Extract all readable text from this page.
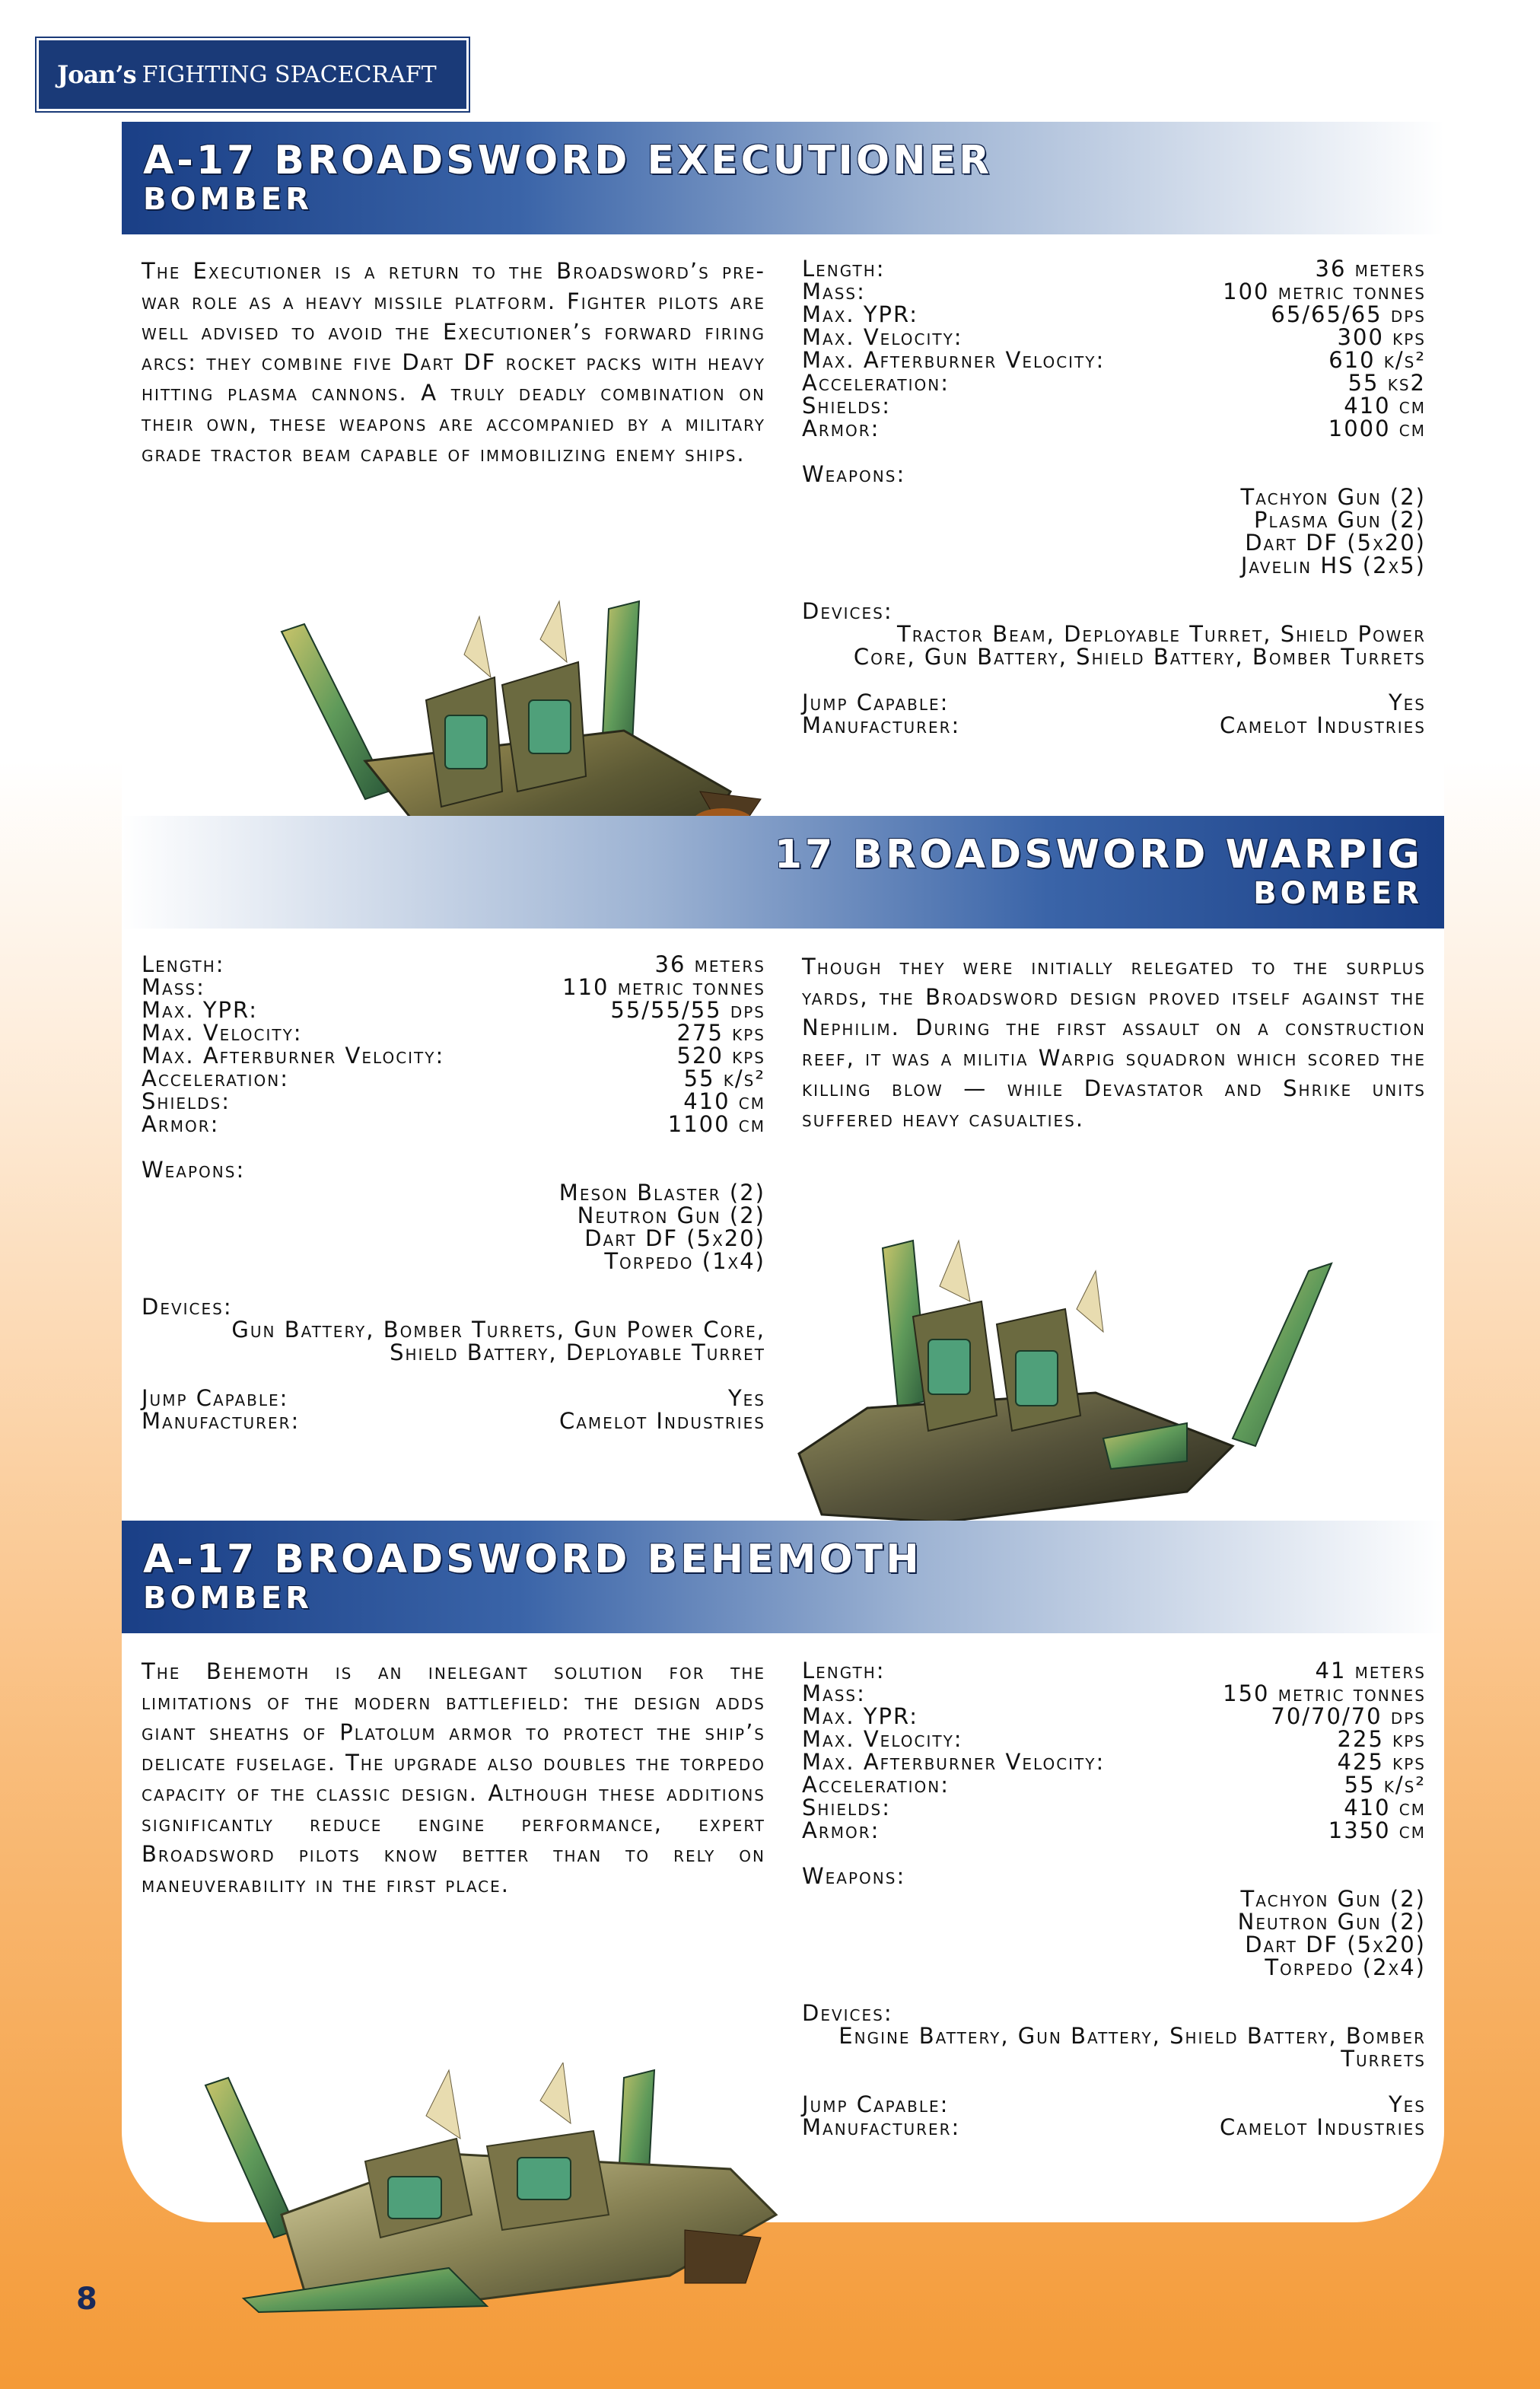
Joan’s FIGHTING SPACECRAFT
A-17 BROADSWORD EXECUTIONER
BOMBER
The Executioner is a return to the Broadsword’s pre-war role as a heavy missile platform. Fighter pilots are well advised to avoid the Executioner’s forward firing arcs: they combine five Dart DF rocket packs with heavy hitting plasma cannons. A truly deadly combination on their own, these weapons are accompanied by a military grade tractor beam capable of immobilizing enemy ships.
Length:	36 meters
Mass:	100 metric tonnes
Max. YPR:	65/65/65 dps
Max. Velocity:	300 kps
Max. Afterburner Velocity:	610 k/s²
Acceleration:	55 ks2
Shields:	410 cm
Armor:	1000 cm
Weapons:
Tachyon Gun (2)
Plasma Gun (2)
Dart DF (5x20)
Javelin HS (2x5)
Devices:
Tractor Beam, Deployable Turret, Shield Power Core, Gun Battery, Shield Battery, Bomber Turrets
Jump Capable:	Yes
Manufacturer:	Camelot Industries
17 BROADSWORD WARPIG
BOMBER
Length:	36 meters
Mass:	110 metric tonnes
Max. YPR:	55/55/55 dps
Max. Velocity:	275 kps
Max. Afterburner Velocity:	520 kps
Acceleration:	55 k/s²
Shields:	410 cm
Armor:	1100 cm
Weapons:
Meson Blaster (2)
Neutron Gun (2)
Dart DF (5x20)
Torpedo (1x4)
Devices:
Gun Battery, Bomber Turrets, Gun Power Core, Shield Battery, Deployable Turret
Jump Capable:	Yes
Manufacturer:	Camelot Industries
Though they were initially relegated to the surplus yards, the Broadsword design proved itself against the Nephilim. During the first assault on a construction reef, it was a militia Warpig squadron which scored the killing blow — while Devastator and Shrike units suffered heavy casualties.
A-17 BROADSWORD BEHEMOTH
BOMBER
The Behemoth is an inelegant solution for the limitations of the modern battlefield: the design adds giant sheaths of Platolum armor to protect the ship’s delicate fuselage. The upgrade also doubles the torpedo capacity of the classic design. Although these additions significantly reduce engine performance, expert Broadsword pilots know better than to rely on maneuverability in the first place.
Length:	41 meters
Mass:	150 metric tonnes
Max. YPR:	70/70/70 dps
Max. Velocity:	225 kps
Max. Afterburner Velocity:	425 kps
Acceleration:	55 k/s²
Shields:	410 cm
Armor:	1350 cm
Weapons:
Tachyon Gun (2)
Neutron Gun (2)
Dart DF (5x20)
Torpedo (2x4)
Devices:
Engine Battery, Gun Battery, Shield Battery, Bomber Turrets
Jump Capable:	Yes
Manufacturer:	Camelot Industries
8
